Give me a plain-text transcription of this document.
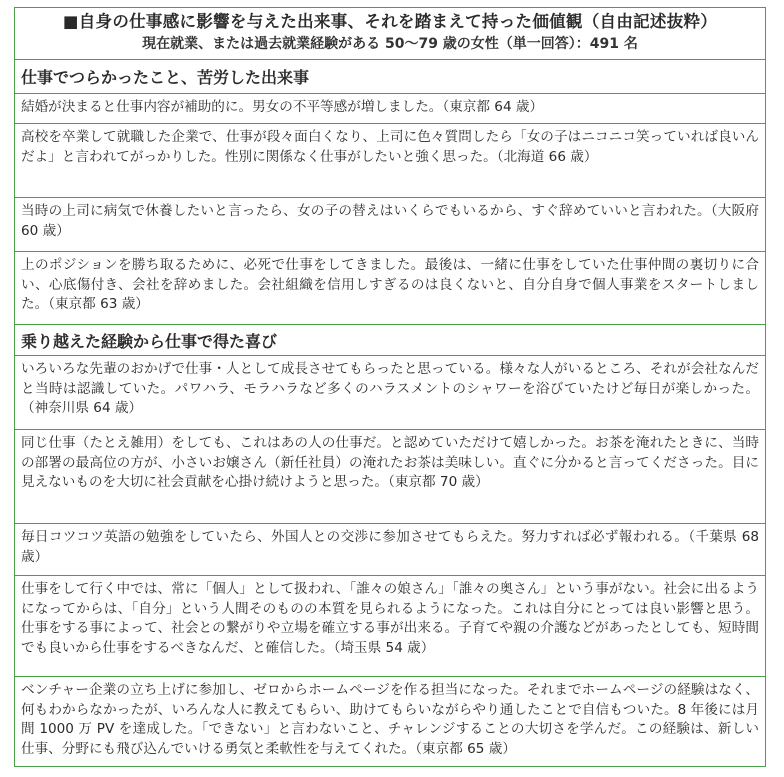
■自身の仕事感に影響を与えた出来事、それを踏まえて持った価値観（自由記述抜粋）
現在就業、または過去就業経験がある 50～79 歳の女性（単一回答）：491 名
仕事でつらかったこと、苦労した出来事
結婚が決まると仕事内容が補助的に。男女の不平等感が増しました。（東京都 64 歳）
高校を卒業して就職した企業で、仕事が段々面白くなり、上司に色々質問したら「女の子はニコニコ笑っていれば良いんだよ」と言われてがっかりした。性別に関係なく仕事がしたいと強く思った。（北海道 66 歳）
当時の上司に病気で休養したいと言ったら、女の子の替えはいくらでもいるから、すぐ辞めていいと言われた。（大阪府 60 歳）
上のポジションを勝ち取るために、必死で仕事をしてきました。最後は、一緒に仕事をしていた仕事仲間の裏切りに合い、心底傷付き、会社を辞めました。会社組織を信用しすぎるのは良くないと、自分自身で個人事業をスタートしました。（東京都 63 歳）
乗り越えた経験から仕事で得た喜び
いろいろな先輩のおかげで仕事・人として成長させてもらったと思っている。様々な人がいるところ、それが会社なんだと当時は認識していた。パワハラ、モラハラなど多くのハラスメントのシャワーを浴びていたけど毎日が楽しかった。（神奈川県 64 歳）
同じ仕事（たとえ雑用）をしても、これはあの人の仕事だ。と認めていただけて嬉しかった。お茶を淹れたときに、当時の部署の最高位の方が、小さいお嬢さん（新任社員）の淹れたお茶は美味しい。直ぐに分かると言ってくださった。目に見えないものを大切に社会貢献を心掛け続けようと思った。（東京都 70 歳）
毎日コツコツ英語の勉強をしていたら、外国人との交渉に参加させてもらえた。努力すれば必ず報われる。（千葉県 68 歳）
仕事をして行く中では、常に「個人」として扱われ、「誰々の娘さん」「誰々の奥さん」という事がない。社会に出るようになってからは、「自分」という人間そのものの本質を見られるようになった。これは自分にとっては良い影響と思う。仕事をする事によって、社会との繋がりや立場を確立する事が出来る。子育てや親の介護などがあったとしても、短時間でも良いから仕事をするべきなんだ、と確信した。（埼玉県 54 歳）
ベンチャー企業の立ち上げに参加し、ゼロからホームページを作る担当になった。それまでホームページの経験はなく、何もわからなかったが、いろんな人に教えてもらい、助けてもらいながらやり通したことで自信もついた。8 年後には月間 1000 万 PV を達成した。「できない」と言わないこと、チャレンジすることの大切さを学んだ。この経験は、新しい仕事、分野にも飛び込んでいける勇気と柔軟性を与えてくれた。（東京都 65 歳）
